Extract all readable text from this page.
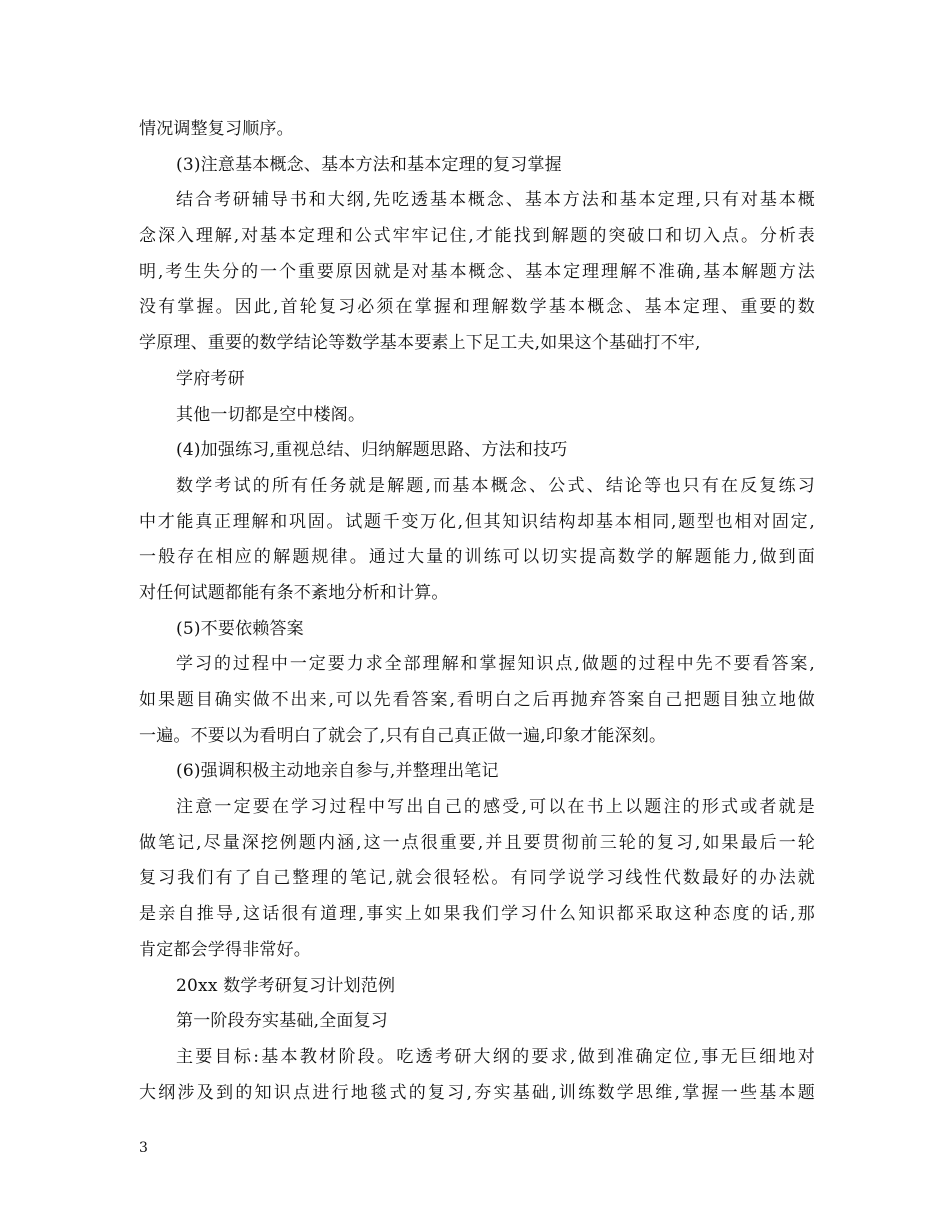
情况调整复习顺序。
(3)注意基本概念、基本方法和基本定理的复习掌握
结合考研辅导书和大纲,先吃透基本概念、基本方法和基本定理,只有对基本概
念深入理解,对基本定理和公式牢牢记住,才能找到解题的突破口和切入点。分析表
明,考生失分的一个重要原因就是对基本概念、基本定理理解不准确,基本解题方法
没有掌握。因此,首轮复习必须在掌握和理解数学基本概念、基本定理、重要的数
学原理、重要的数学结论等数学基本要素上下足工夫,如果这个基础打不牢,
学府考研
其他一切都是空中楼阁。
(4)加强练习,重视总结、归纳解题思路、方法和技巧
数学考试的所有任务就是解题,而基本概念、公式、结论等也只有在反复练习
中才能真正理解和巩固。试题千变万化,但其知识结构却基本相同,题型也相对固定,
一般存在相应的解题规律。通过大量的训练可以切实提高数学的解题能力,做到面
对任何试题都能有条不紊地分析和计算。
(5)不要依赖答案
学习的过程中一定要力求全部理解和掌握知识点,做题的过程中先不要看答案,
如果题目确实做不出来,可以先看答案,看明白之后再抛弃答案自己把题目独立地做
一遍。不要以为看明白了就会了,只有自己真正做一遍,印象才能深刻。
(6)强调积极主动地亲自参与,并整理出笔记
注意一定要在学习过程中写出自己的感受,可以在书上以题注的形式或者就是
做笔记,尽量深挖例题内涵,这一点很重要,并且要贯彻前三轮的复习,如果最后一轮
复习我们有了自己整理的笔记,就会很轻松。有同学说学习线性代数最好的办法就
是亲自推导,这话很有道理,事实上如果我们学习什么知识都采取这种态度的话,那
肯定都会学得非常好。
20xx 数学考研复习计划范例
第一阶段夯实基础,全面复习
主要目标:基本教材阶段。吃透考研大纲的要求,做到准确定位,事无巨细地对
大纲涉及到的知识点进行地毯式的复习,夯实基础,训练数学思维,掌握一些基本题
3
